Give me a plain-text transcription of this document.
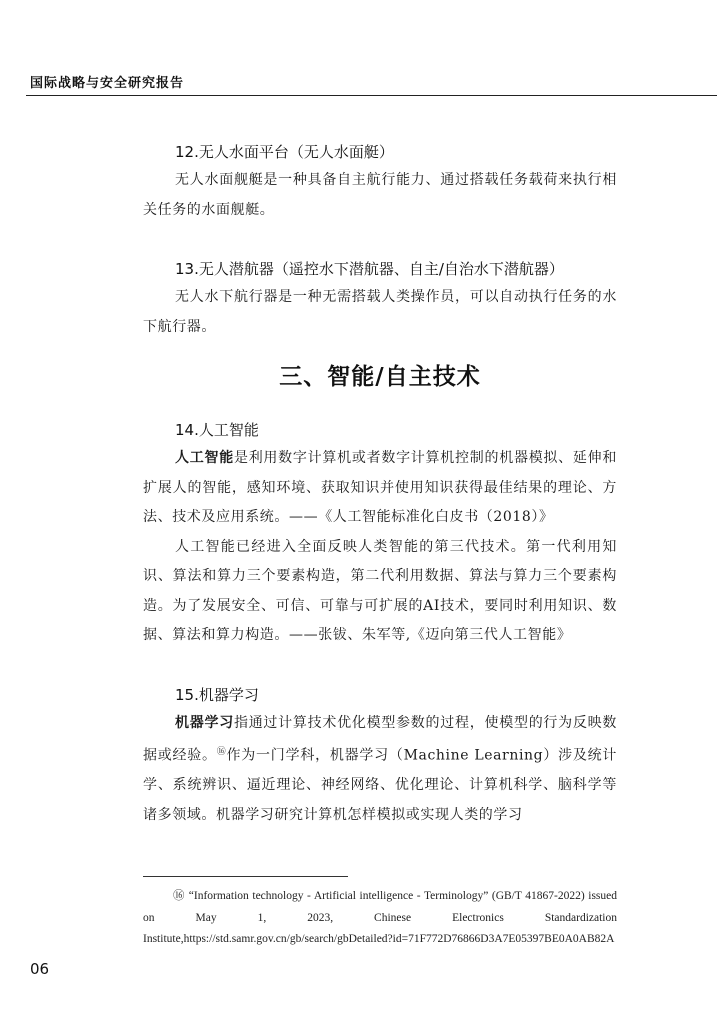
国际战略与安全研究报告
12.无人水面平台（无人水面艇）

无人水面舰艇是一种具备自主航行能力、通过搭载任务载荷来执行相关任务的水面舰艇。

13.无人潜航器（遥控水下潜航器、自主/自治水下潜航器）

无人水下航行器是一种无需搭载人类操作员，可以自动执行任务的水下航行器。

三、智能/自主技术
14.人工智能

人工智能是利用数字计算机或者数字计算机控制的机器模拟、延伸和扩展人的智能，感知环境、获取知识并使用知识获得最佳结果的理论、方法、技术及应用系统。——《人工智能标准化白皮书（2018）》

人工智能已经进入全面反映人类智能的第三代技术。第一代利用知识、算法和算力三个要素构造，第二代利用数据、算法与算力三个要素构造。为了发展安全、可信、可靠与可扩展的AI技术，要同时利用知识、数据、算法和算力构造。——张钹、朱军等,《迈向第三代人工智能》

15.机器学习

机器学习指通过计算技术优化模型参数的过程，使模型的行为反映数据或经验。⑯作为一门学科，机器学习（Machine Learning）涉及统计学、系统辨识、逼近理论、神经网络、优化理论、计算机科学、脑科学等诸多领域。机器学习研究计算机怎样模拟或实现人类的学习

⑯ “Information technology - Artificial intelligence - Terminology” (GB/T 41867-2022) issued on May 1, 2023, Chinese Electronics Standardization Institute,https://std.samr.gov.cn/gb/search/gbDetailed?id=71F772D76866D3A7E05397BE0A0AB82A
06
